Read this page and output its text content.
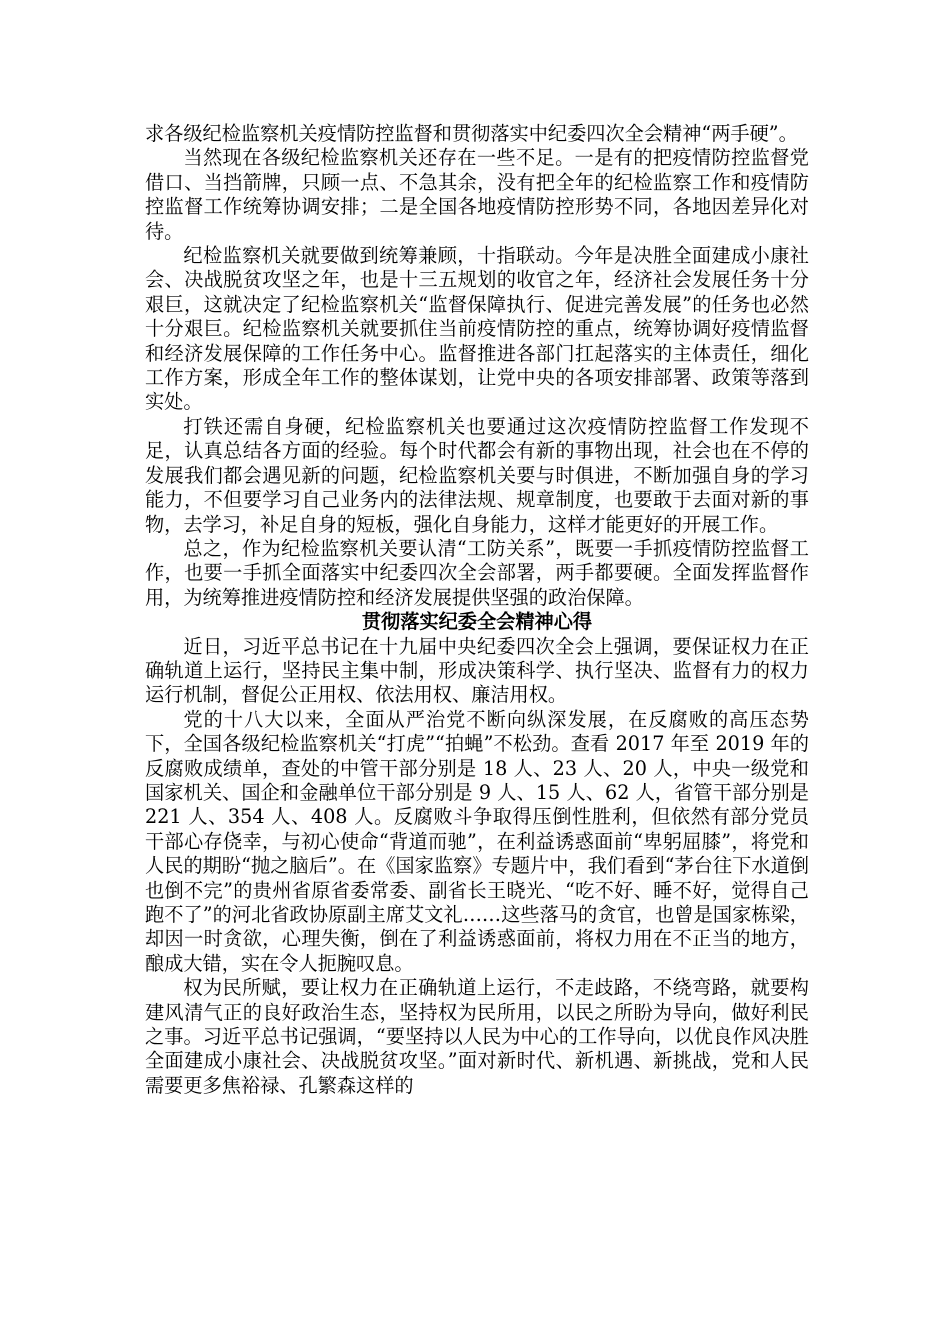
求各级纪检监察机关疫情防控监督和贯彻落实中纪委四次全会精神“两手硬”。

当然现在各级纪检监察机关还存在一些不足。一是有的把疫情防控监督党借口、当挡箭牌，只顾一点、不急其余，没有把全年的纪检监察工作和疫情防控监督工作统筹协调安排；二是全国各地疫情防控形势不同，各地因差异化对待。

纪检监察机关就要做到统筹兼顾，十指联动。今年是决胜全面建成小康社会、决战脱贫攻坚之年，也是十三五规划的收官之年，经济社会发展任务十分艰巨，这就决定了纪检监察机关“监督保障执行、促进完善发展”的任务也必然十分艰巨。纪检监察机关就要抓住当前疫情防控的重点，统筹协调好疫情监督和经济发展保障的工作任务中心。监督推进各部门扛起落实的主体责任，细化工作方案，形成全年工作的整体谋划，让党中央的各项安排部署、政策等落到实处。

打铁还需自身硬，纪检监察机关也要通过这次疫情防控监督工作发现不足，认真总结各方面的经验。每个时代都会有新的事物出现，社会也在不停的发展我们都会遇见新的问题，纪检监察机关要与时俱进，不断加强自身的学习能力，不但要学习自己业务内的法律法规、规章制度，也要敢于去面对新的事物，去学习，补足自身的短板，强化自身能力，这样才能更好的开展工作。

总之，作为纪检监察机关要认清“工防关系”，既要一手抓疫情防控监督工作，也要一手抓全面落实中纪委四次全会部署，两手都要硬。全面发挥监督作用，为统筹推进疫情防控和经济发展提供坚强的政治保障。

贯彻落实纪委全会精神心得

近日，习近平总书记在十九届中央纪委四次全会上强调，要保证权力在正确轨道上运行，坚持民主集中制，形成决策科学、执行坚决、监督有力的权力运行机制，督促公正用权、依法用权、廉洁用权。

党的十八大以来，全面从严治党不断向纵深发展，在反腐败的高压态势下，全国各级纪检监察机关“打虎”“拍蝇”不松劲。查看 2017 年至 2019 年的反腐败成绩单，查处的中管干部分别是 18 人、23 人、20 人，中央一级党和国家机关、国企和金融单位干部分别是 9 人、15 人、62 人，省管干部分别是 221 人、354 人、408 人。反腐败斗争取得压倒性胜利，但依然有部分党员干部心存侥幸，与初心使命“背道而驰”，在利益诱惑面前“卑躬屈膝”，将党和人民的期盼“抛之脑后”。在《国家监察》专题片中，我们看到“茅台往下水道倒也倒不完”的贵州省原省委常委、副省长王晓光、“吃不好、睡不好，觉得自己跑不了”的河北省政协原副主席艾文礼……这些落马的贪官，也曾是国家栋梁，却因一时贪欲，心理失衡，倒在了利益诱惑面前，将权力用在不正当的地方，酿成大错，实在令人扼腕叹息。

权为民所赋，要让权力在正确轨道上运行，不走歧路，不绕弯路，就要构建风清气正的良好政治生态，坚持权为民所用，以民之所盼为导向，做好利民之事。习近平总书记强调，“要坚持以人民为中心的工作导向，以优良作风决胜全面建成小康社会、决战脱贫攻坚。”面对新时代、新机遇、新挑战，党和人民需要更多焦裕禄、孔繁森这样的
